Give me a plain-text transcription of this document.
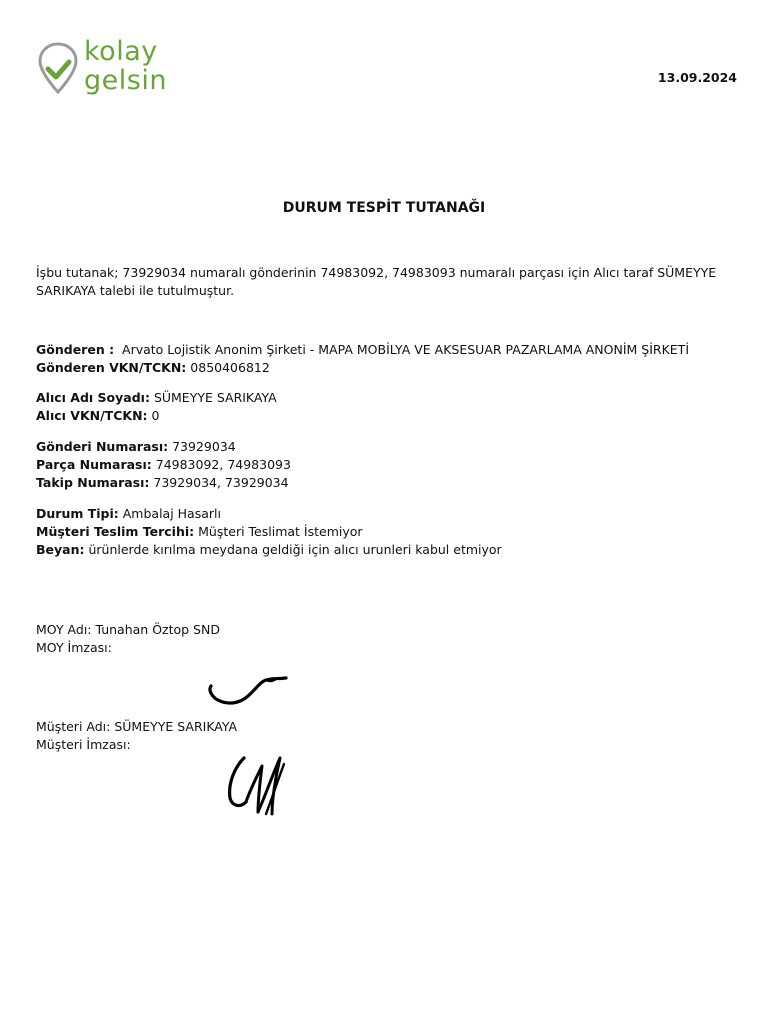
kolay
gelsin	13.09.2024
DURUM TESPİT TUTANAĞI
İşbu tutanak; 73929034 numaralı gönderinin 74983092, 74983093 numaralı parçası için Alıcı taraf SÜMEYYE SARIKAYA talebi ile tutulmuştur.
Gönderen : Arvato Lojistik Anonim Şirketi - MAPA MOBİLYA VE AKSESUAR PAZARLAMA ANONİM ŞİRKETİ
Gönderen VKN/TCKN: 0850406812
Alıcı Adı Soyadı: SÜMEYYE SARIKAYA
Alıcı VKN/TCKN: 0
Gönderi Numarası: 73929034
Parça Numarası: 74983092, 74983093
Takip Numarası: 73929034, 73929034
Durum Tipi: Ambalaj Hasarlı
Müşteri Teslim Tercihi: Müşteri Teslimat İstemiyor
Beyan: ürünlerde kırılma meydana geldiği için alıcı urunleri kabul etmiyor
MOY Adı: Tunahan Öztop SND
MOY İmzası:
Müşteri Adı: SÜMEYYE SARIKAYA
Müşteri İmzası:
